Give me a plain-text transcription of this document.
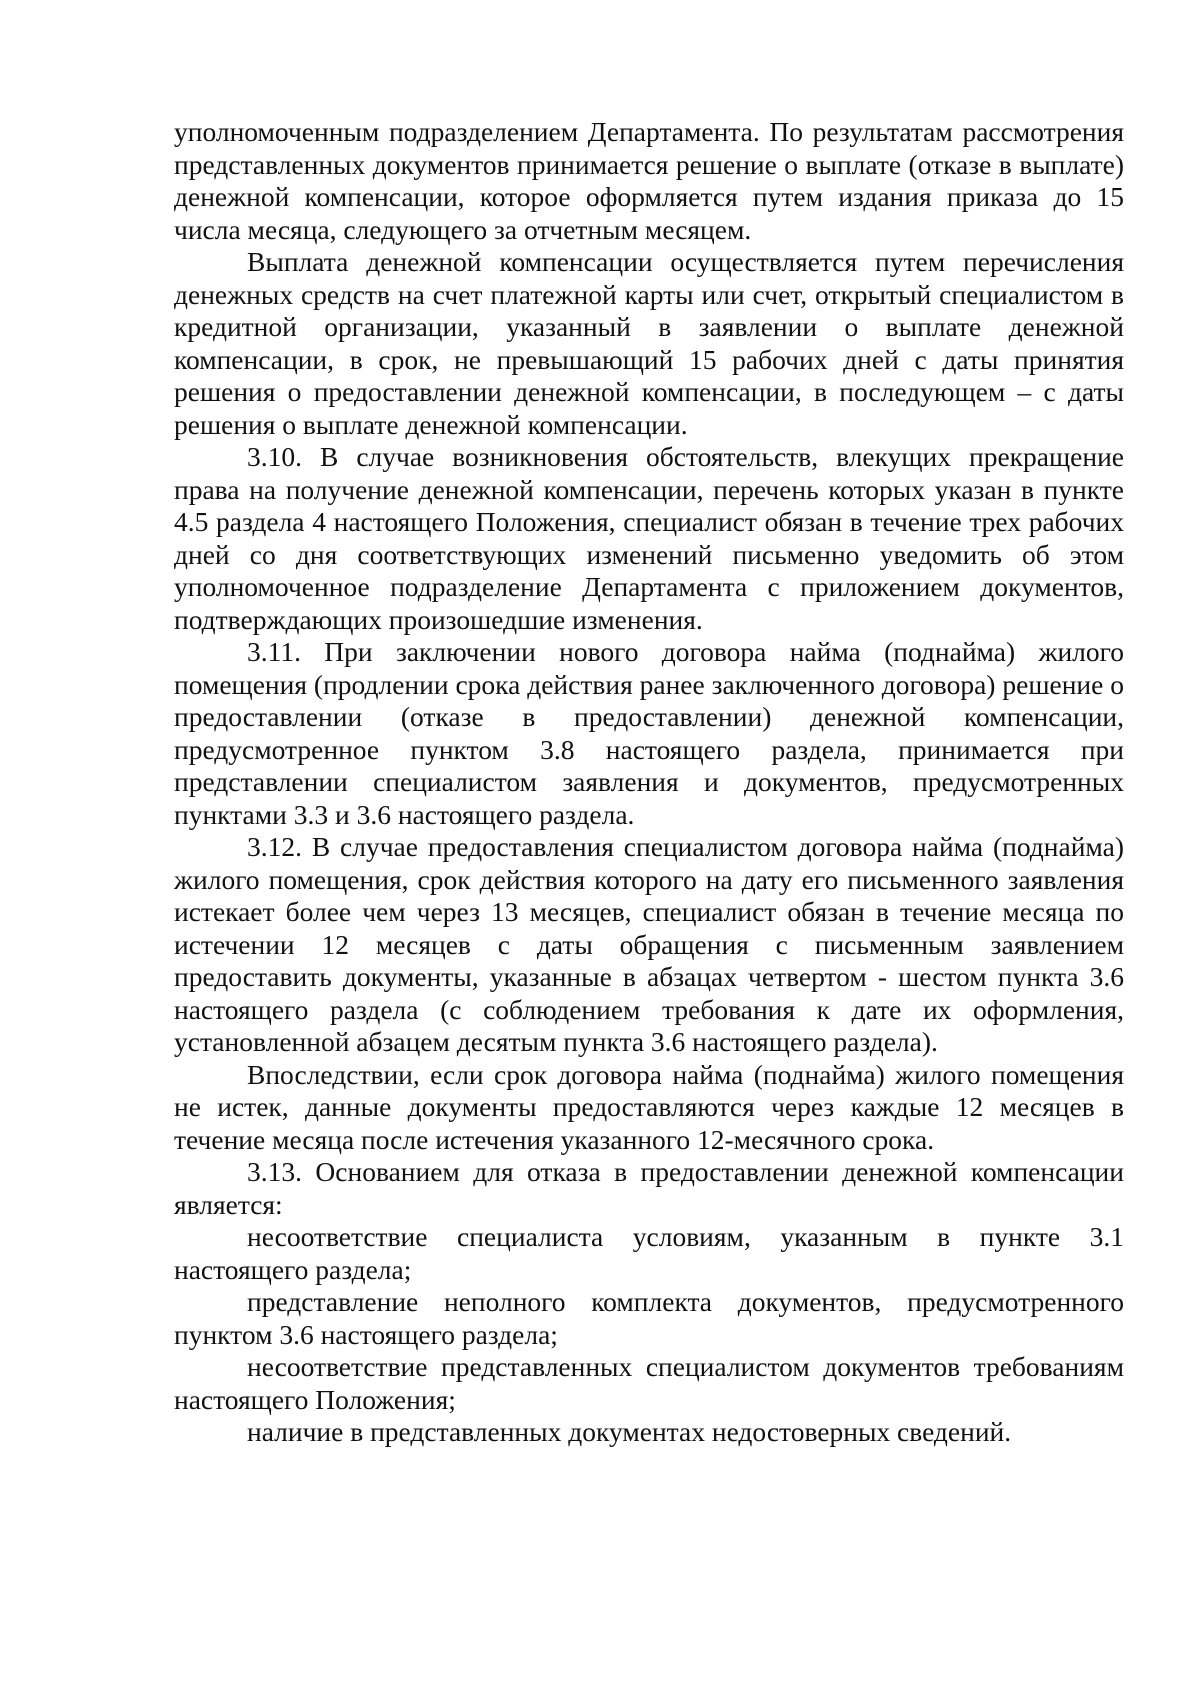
уполномоченным подразделением Департамента. По результатам рассмотрения представленных документов принимается решение о выплате (отказе в выплате) денежной компенсации, которое оформляется путем издания приказа до 15 числа месяца, следующего за отчетным месяцем.

Выплата денежной компенсации осуществляется путем перечисления денежных средств на счет платежной карты или счет, открытый специалистом в кредитной организации, указанный в заявлении о выплате денежной компенсации, в срок, не превышающий 15 рабочих дней с даты принятия решения о предоставлении денежной компенсации, в последующем – с даты решения о выплате денежной компенсации.

3.10. В случае возникновения обстоятельств, влекущих прекращение права на получение денежной компенсации, перечень которых указан в пункте 4.5 раздела 4 настоящего Положения, специалист обязан в течение трех рабочих дней со дня соответствующих изменений письменно уведомить об этом уполномоченное подразделение Департамента с приложением документов, подтверждающих произошедшие изменения.

3.11. При заключении нового договора найма (поднайма) жилого помещения (продлении срока действия ранее заключенного договора) решение о предоставлении (отказе в предоставлении) денежной компенсации, предусмотренное пунктом 3.8 настоящего раздела, принимается при представлении специалистом заявления и документов, предусмотренных пунктами 3.3 и 3.6 настоящего раздела.

3.12. В случае предоставления специалистом договора найма (поднайма) жилого помещения, срок действия которого на дату его письменного заявления истекает более чем через 13 месяцев, специалист обязан в течение месяца по истечении 12 месяцев с даты обращения с письменным заявлением предоставить документы, указанные в абзацах четвертом - шестом пункта 3.6 настоящего раздела (с соблюдением требования к дате их оформления, установленной абзацем десятым пункта 3.6 настоящего раздела).

Впоследствии, если срок договора найма (поднайма) жилого помещения не истек, данные документы предоставляются через каждые 12 месяцев в течение месяца после истечения указанного 12-месячного срока.

3.13. Основанием для отказа в предоставлении денежной компенсации является:

несоответствие специалиста условиям, указанным в пункте 3.1 настоящего раздела;

представление неполного комплекта документов, предусмотренного пунктом 3.6 настоящего раздела;

несоответствие представленных специалистом документов требованиям настоящего Положения;

наличие в представленных документах недостоверных сведений.
